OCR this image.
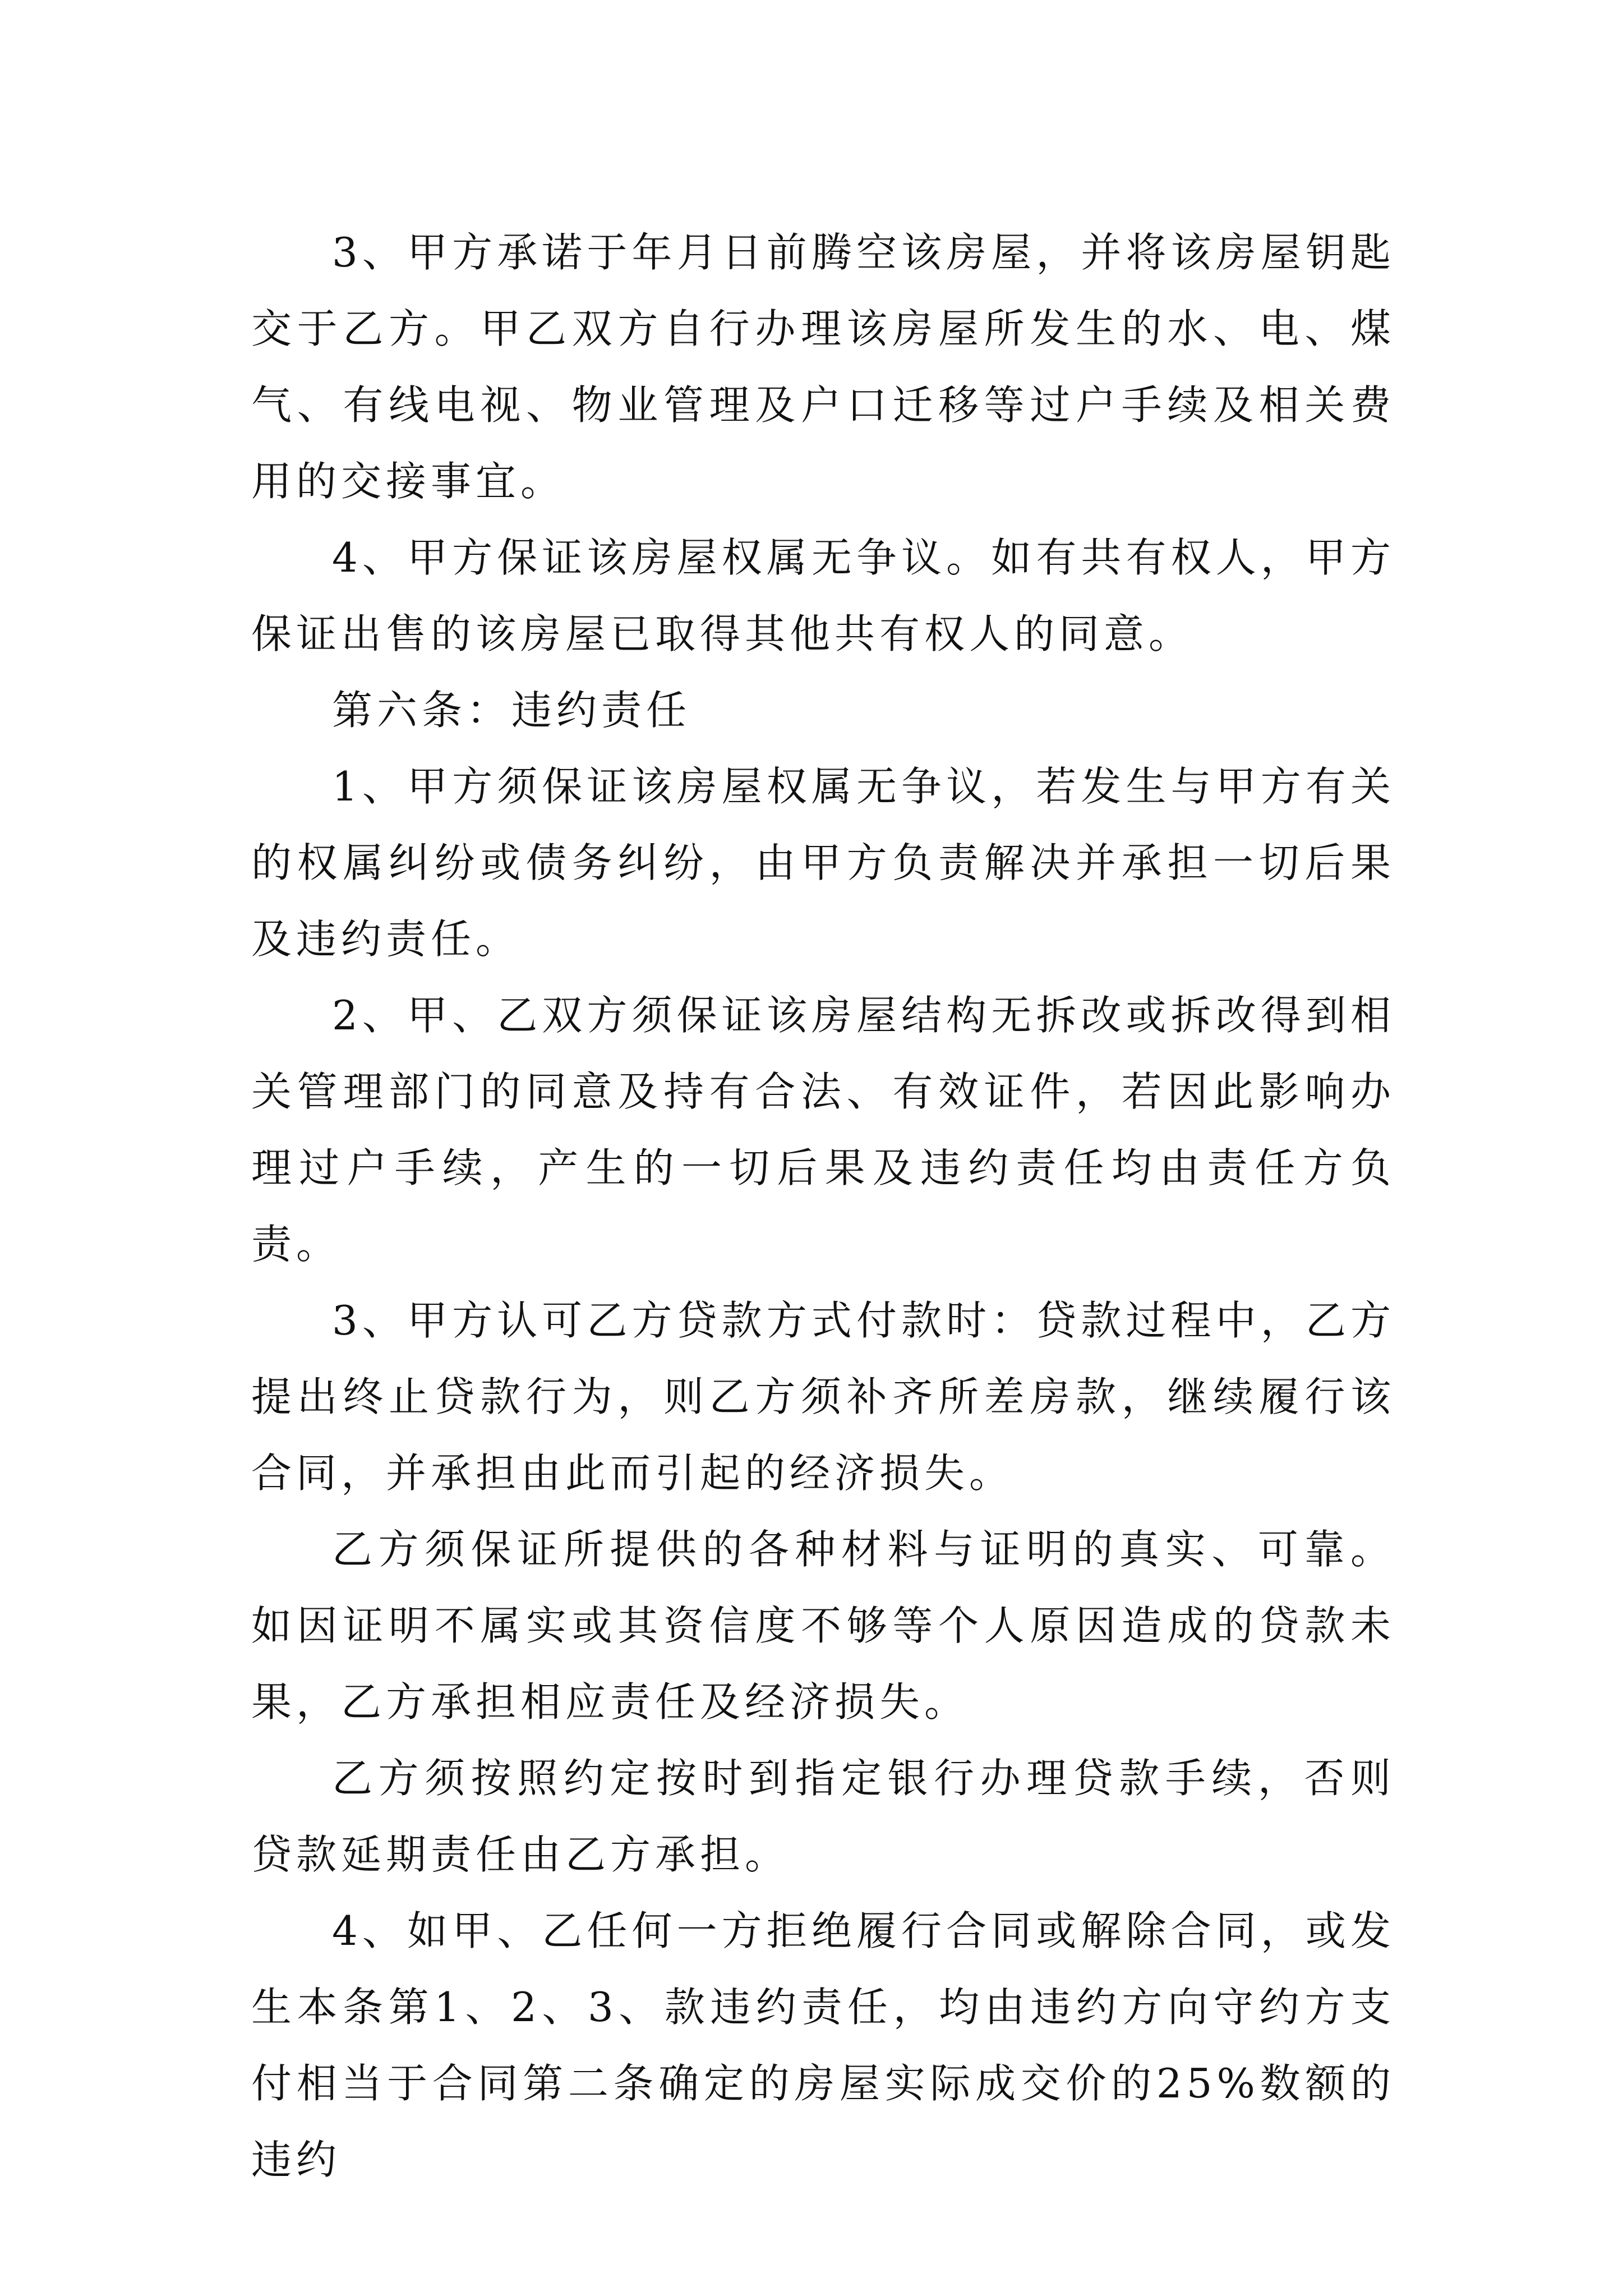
3、甲方承诺于年月日前腾空该房屋，并将该房屋钥匙交于乙方。甲乙双方自行办理该房屋所发生的水、电、煤气、有线电视、物业管理及户口迁移等过户手续及相关费用的交接事宜。

4、甲方保证该房屋权属无争议。如有共有权人，甲方保证出售的该房屋已取得其他共有权人的同意。

第六条：违约责任

1、甲方须保证该房屋权属无争议，若发生与甲方有关的权属纠纷或债务纠纷，由甲方负责解决并承担一切后果及违约责任。

2、甲、乙双方须保证该房屋结构无拆改或拆改得到相关管理部门的同意及持有合法、有效证件，若因此影响办理过户手续，产生的一切后果及违约责任均由责任方负责。

3、甲方认可乙方贷款方式付款时：贷款过程中，乙方提出终止贷款行为，则乙方须补齐所差房款，继续履行该合同，并承担由此而引起的经济损失。

乙方须保证所提供的各种材料与证明的真实、可靠。如因证明不属实或其资信度不够等个人原因造成的贷款未果，乙方承担相应责任及经济损失。

乙方须按照约定按时到指定银行办理贷款手续，否则贷款延期责任由乙方承担。

4、如甲、乙任何一方拒绝履行合同或解除合同，或发生本条第1、2、3、款违约责任，均由违约方向守约方支付相当于合同第二条确定的房屋实际成交价的25%数额的违约
